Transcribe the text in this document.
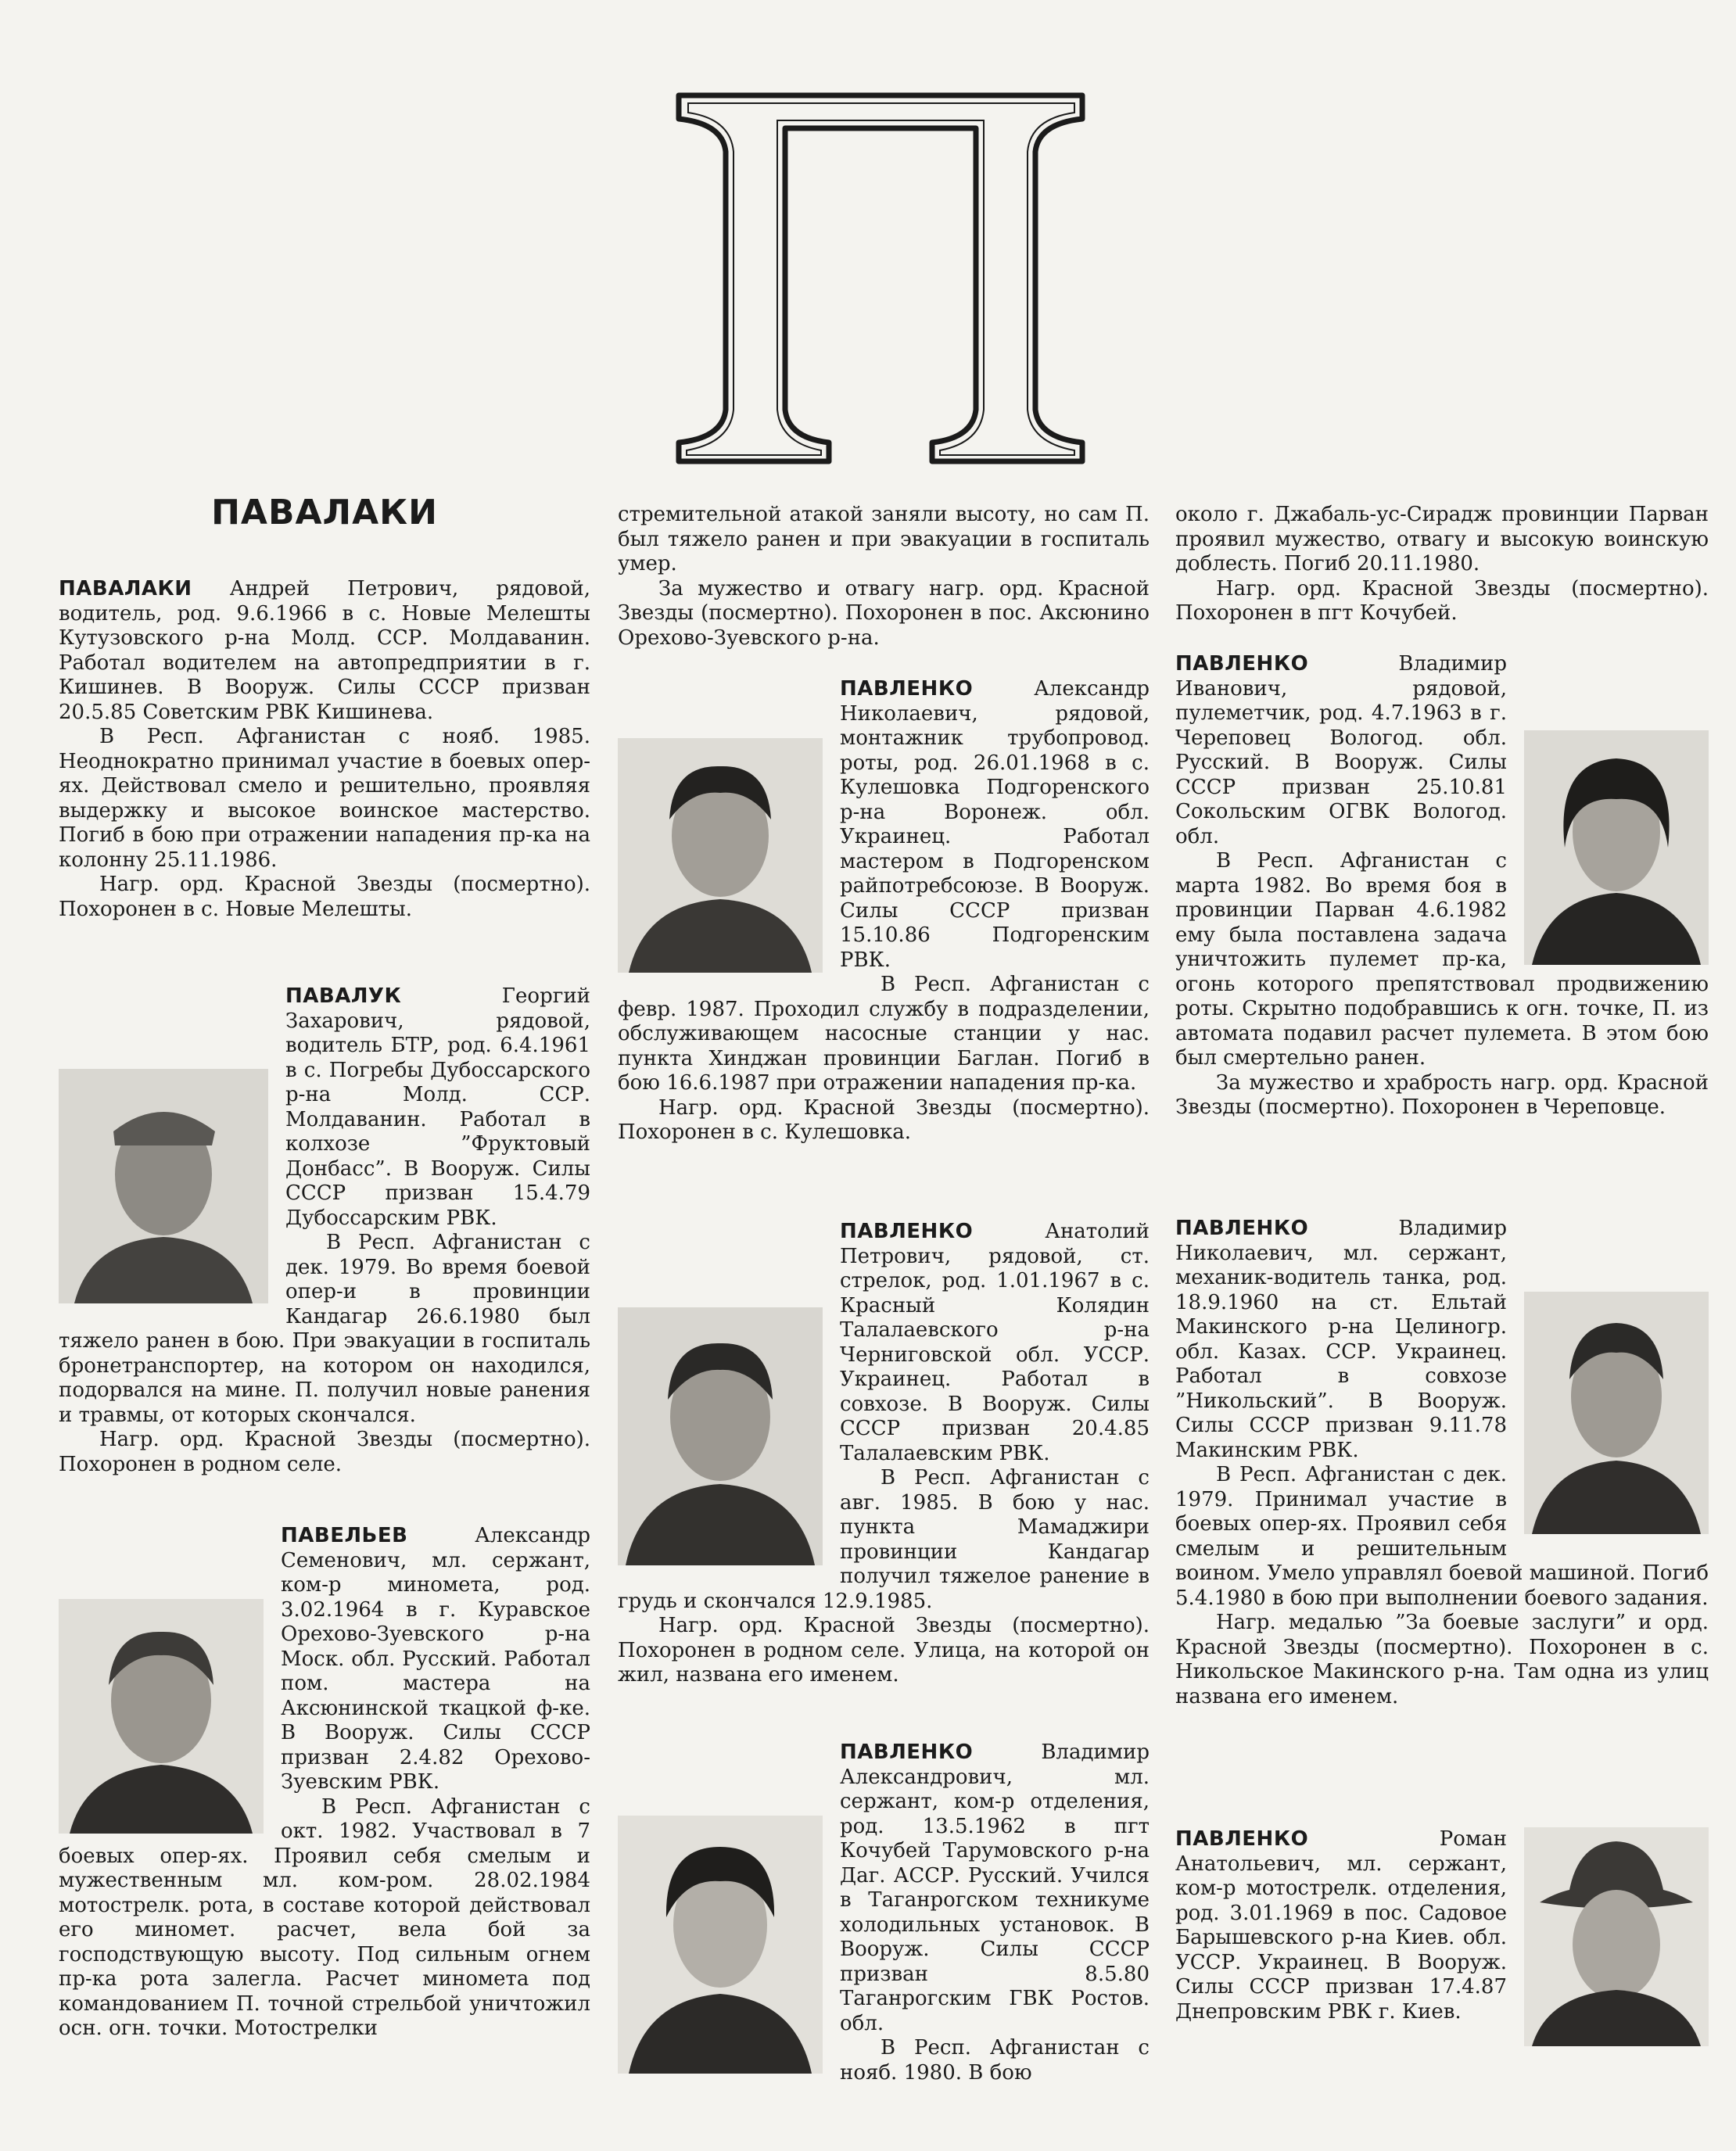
ПАВАЛАКИ

ПАВАЛАКИ Андрей Петрович, рядовой, водитель, род. 9.6.1966 в с. Новые Мелешты Кутузовского р-на Молд. ССР. Молдаванин. Работал водителем на автопредприятии в г. Кишинев. В Вооруж. Силы СССР призван 20.5.85 Советским РВК Кишинева.

В Респ. Афганистан с нояб. 1985. Неоднократно принимал участие в боевых опер-ях. Действовал смело и решительно, проявляя выдержку и высокое воинское мастерство. Погиб в бою при отражении нападения пр-ка на колонну 25.11.1986.

Нагр. орд. Красной Звезды (посмертно). Похоронен в с. Новые Мелешты.

ПАВАЛУК Георгий Захарович, рядовой, водитель БТР, род. 6.4.1961 в с. Погребы Дубоссарского р-на Молд. ССР. Молдаванин. Работал в колхозе ”Фруктовый Донбасс”. В Вооруж. Силы СССР призван 15.4.79 Дубоссарским РВК.

В Респ. Афганистан с дек. 1979. Во время боевой опер-и в провинции Кандагар 26.6.1980 был тяжело ранен в бою. При эвакуации в госпиталь бронетранспортер, на котором он находился, подорвался на мине. П. получил новые ранения и травмы, от которых скончался.

Нагр. орд. Красной Звезды (посмертно). Похоронен в родном селе.

ПАВЕЛЬЕВ Александр Семенович, мл. сержант, ком-р миномета, род. 3.02.1964 в г. Куравское Орехово-Зуевского р-на Моск. обл. Русский. Работал пом. мастера на Аксюнинской ткацкой ф-ке. В Вооруж. Силы СССР призван 2.4.82 Орехово-Зуевским РВК.

В Респ. Афганистан с окт. 1982. Участвовал в 7 боевых опер-ях. Проявил себя смелым и мужественным мл. ком-ром. 28.02.1984 мотострелк. рота, в составе которой действовал его миномет. расчет, вела бой за господствующую высоту. Под сильным огнем пр-ка рота залегла. Расчет миномета под командованием П. точной стрельбой уничтожил осн. огн. точки. Мотострелки

стремительной атакой заняли высоту, но сам П. был тяжело ранен и при эвакуации в госпиталь умер.

За мужество и отвагу нагр. орд. Красной Звезды (посмертно). Похоронен в пос. Аксюнино Орехово-Зуевского р-на.

ПАВЛЕНКО Александр Николаевич, рядовой, монтажник трубопровод. роты, род. 26.01.1968 в с. Кулешовка Подгоренского р-на Воронеж. обл. Украинец. Работал мастером в Подгоренском райпотребсоюзе. В Вооруж. Силы СССР призван 15.10.86 Подгоренским РВК.

В Респ. Афганистан с февр. 1987. Проходил службу в подразделении, обслуживающем насосные станции у нас. пункта Хинджан провинции Баглан. Погиб в бою 16.6.1987 при отражении нападения пр-ка.

Нагр. орд. Красной Звезды (посмертно). Похоронен в с. Кулешовка.

ПАВЛЕНКО Анатолий Петрович, рядовой, ст. стрелок, род. 1.01.1967 в с. Красный Колядин Талалаевского р-на Черниговской обл. УССР. Украинец. Работал в совхозе. В Вооруж. Силы СССР призван 20.4.85 Талалаевским РВК.

В Респ. Афганистан с авг. 1985. В бою у нас. пункта Мамаджири провинции Кандагар получил тяжелое ранение в грудь и скончался 12.9.1985.

Нагр. орд. Красной Звезды (посмертно). Похоронен в родном селе. Улица, на которой он жил, названа его именем.

ПАВЛЕНКО Владимир Александрович, мл. сержант, ком-р отделения, род. 13.5.1962 в пгт Кочубей Тарумовского р-на Даг. АССР. Русский. Учился в Таганрогском техникуме холодильных установок. В Вооруж. Силы СССР призван 8.5.80 Таганрогским ГВК Ростов. обл.

В Респ. Афганистан с нояб. 1980. В бою

около г. Джабаль-ус-Сирадж провинции Парван проявил мужество, отвагу и высокую воинскую доблесть. Погиб 20.11.1980.

Нагр. орд. Красной Звезды (посмертно). Похоронен в пгт Кочубей.

ПАВЛЕНКО Владимир Иванович, рядовой, пулеметчик, род. 4.7.1963 в г. Череповец Вологод. обл. Русский. В Вооруж. Силы СССР призван 25.10.81 Сокольским ОГВК Вологод. обл.

В Респ. Афганистан с марта 1982. Во время боя в провинции Парван 4.6.1982 ему была поставлена задача уничтожить пулемет пр-ка, огонь которого препятствовал продвижению роты. Скрытно подобравшись к огн. точке, П. из автомата подавил расчет пулемета. В этом бою был смертельно ранен.

За мужество и храбрость нагр. орд. Красной Звезды (посмертно). Похоронен в Череповце.

ПАВЛЕНКО Владимир Николаевич, мл. сержант, механик-водитель танка, род. 18.9.1960 на ст. Ельтай Макинского р-на Целиногр. обл. Казах. ССР. Украинец. Работал в совхозе ”Никольский”. В Вооруж. Силы СССР призван 9.11.78 Макинским РВК.

В Респ. Афганистан с дек. 1979. Принимал участие в боевых опер-ях. Проявил себя смелым и решительным воином. Умело управлял боевой машиной. Погиб 5.4.1980 в бою при выполнении боевого задания.

Нагр. медалью ”За боевые заслуги” и орд. Красной Звезды (посмертно). Похоронен в с. Никольское Макинского р-на. Там одна из улиц названа его именем.

ПАВЛЕНКО Роман Анатольевич, мл. сержант, ком-р мотострелк. отделения, род. 3.01.1969 в пос. Садовое Барышевского р-на Киев. обл. УССР. Украинец. В Вооруж. Силы СССР призван 17.4.87 Днепровским РВК г. Киев.
